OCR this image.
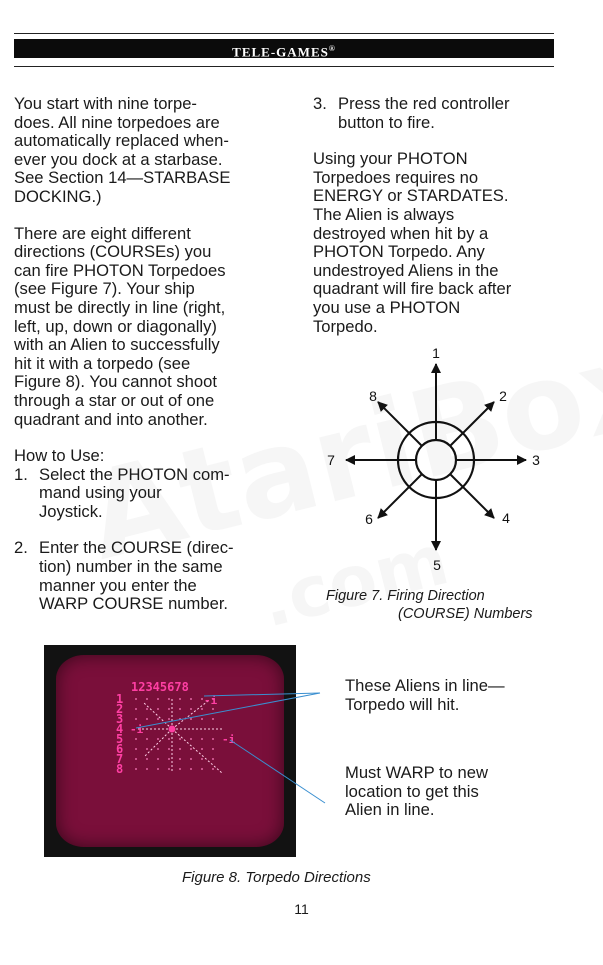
TELE-GAMES®

You start with nine torpe-
does. All nine torpedoes are
automatically replaced when-
ever you dock at a starbase.
See Section 14—STARBASE
DOCKING.)

There are eight different
directions (COURSEs) you
can fire PHOTON Torpedoes
(see Figure 7). Your ship
must be directly in line (right,
left, up, down or diagonally)
with an Alien to successfully
hit it with a torpedo (see
Figure 8). You cannot shoot
through a star or out of one
quadrant and into another.

How to Use:

1. Select the PHOTON com-
mand using your
Joystick.
2. Enter the COURSE (direc-
tion) number in the same
manner you enter the
WARP COURSE number.
3. Press the red controller
button to fire.

Using your PHOTON
Torpedoes requires no
ENERGY or STARDATES.
The Alien is always
destroyed when hit by a
PHOTON Torpedo. Any
undestroyed Aliens in the
quadrant will fire back after
you use a PHOTON
Torpedo.

1
2
3
4
5
6
7
8
Figure 7. Firing Direction
(COURSE) Numbers
12345678
1
2
3
4
5
6
7
8
-i
-i
-i
These Aliens in line—
Torpedo will hit.
Must WARP to new
location to get this
Alien in line.
Figure 8. Torpedo Directions
11
